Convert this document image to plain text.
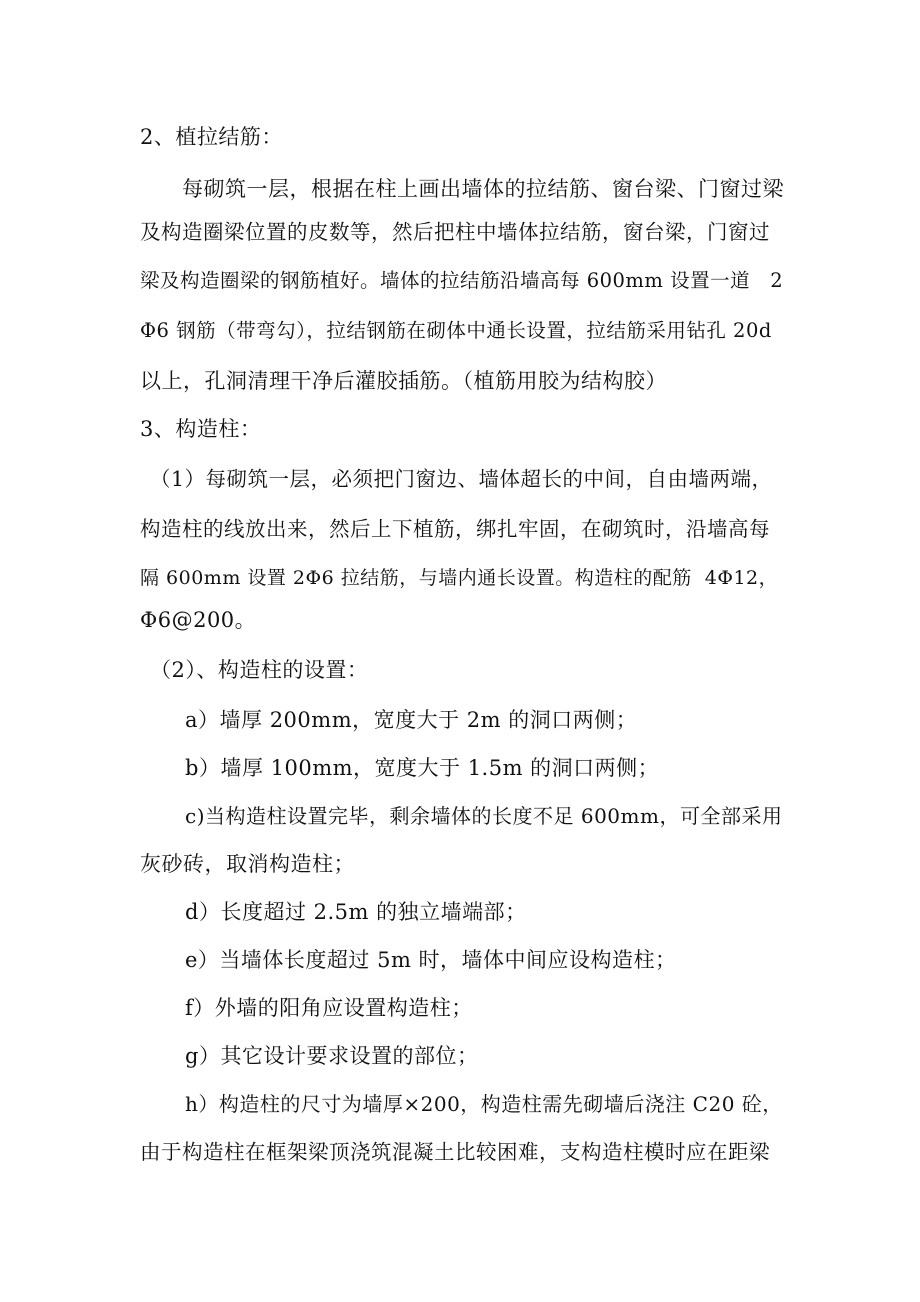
2、植拉结筋：
每砌筑一层，根据在柱上画出墙体的拉结筋、窗台梁、门窗过梁
及构造圈梁位置的皮数等，然后把柱中墙体拉结筋，窗台梁，门窗过
梁及构造圈梁的钢筋植好。墙体的拉结筋沿墙高每 600mm 设置一道   2
Φ6 钢筋（带弯勾），拉结钢筋在砌体中通长设置，拉结筋采用钻孔 20d
以上，孔洞清理干净后灌胶插筋。（植筋用胶为结构胶）
3、构造柱：
（1）每砌筑一层，必须把门窗边、墙体超长的中间，自由墙两端，
构造柱的线放出来，然后上下植筋，绑扎牢固，在砌筑时，沿墙高每
隔 600mm 设置 2Φ6 拉结筋，与墙内通长设置。构造柱的配筋  4Φ12，
Φ6@200。
（2）、构造柱的设置：
a）墙厚 200mm，宽度大于 2m 的洞口两侧；
b）墙厚 100mm，宽度大于 1.5m 的洞口两侧；
c)当构造柱设置完毕，剩余墙体的长度不足 600mm，可全部采用
灰砂砖，取消构造柱；
d）长度超过 2.5m 的独立墙端部；
e）当墙体长度超过 5m 时，墙体中间应设构造柱；
f）外墙的阳角应设置构造柱；
g）其它设计要求设置的部位；
h）构造柱的尺寸为墙厚×200，构造柱需先砌墙后浇注 C20 砼，
由于构造柱在框架梁顶浇筑混凝土比较困难，支构造柱模时应在距梁
